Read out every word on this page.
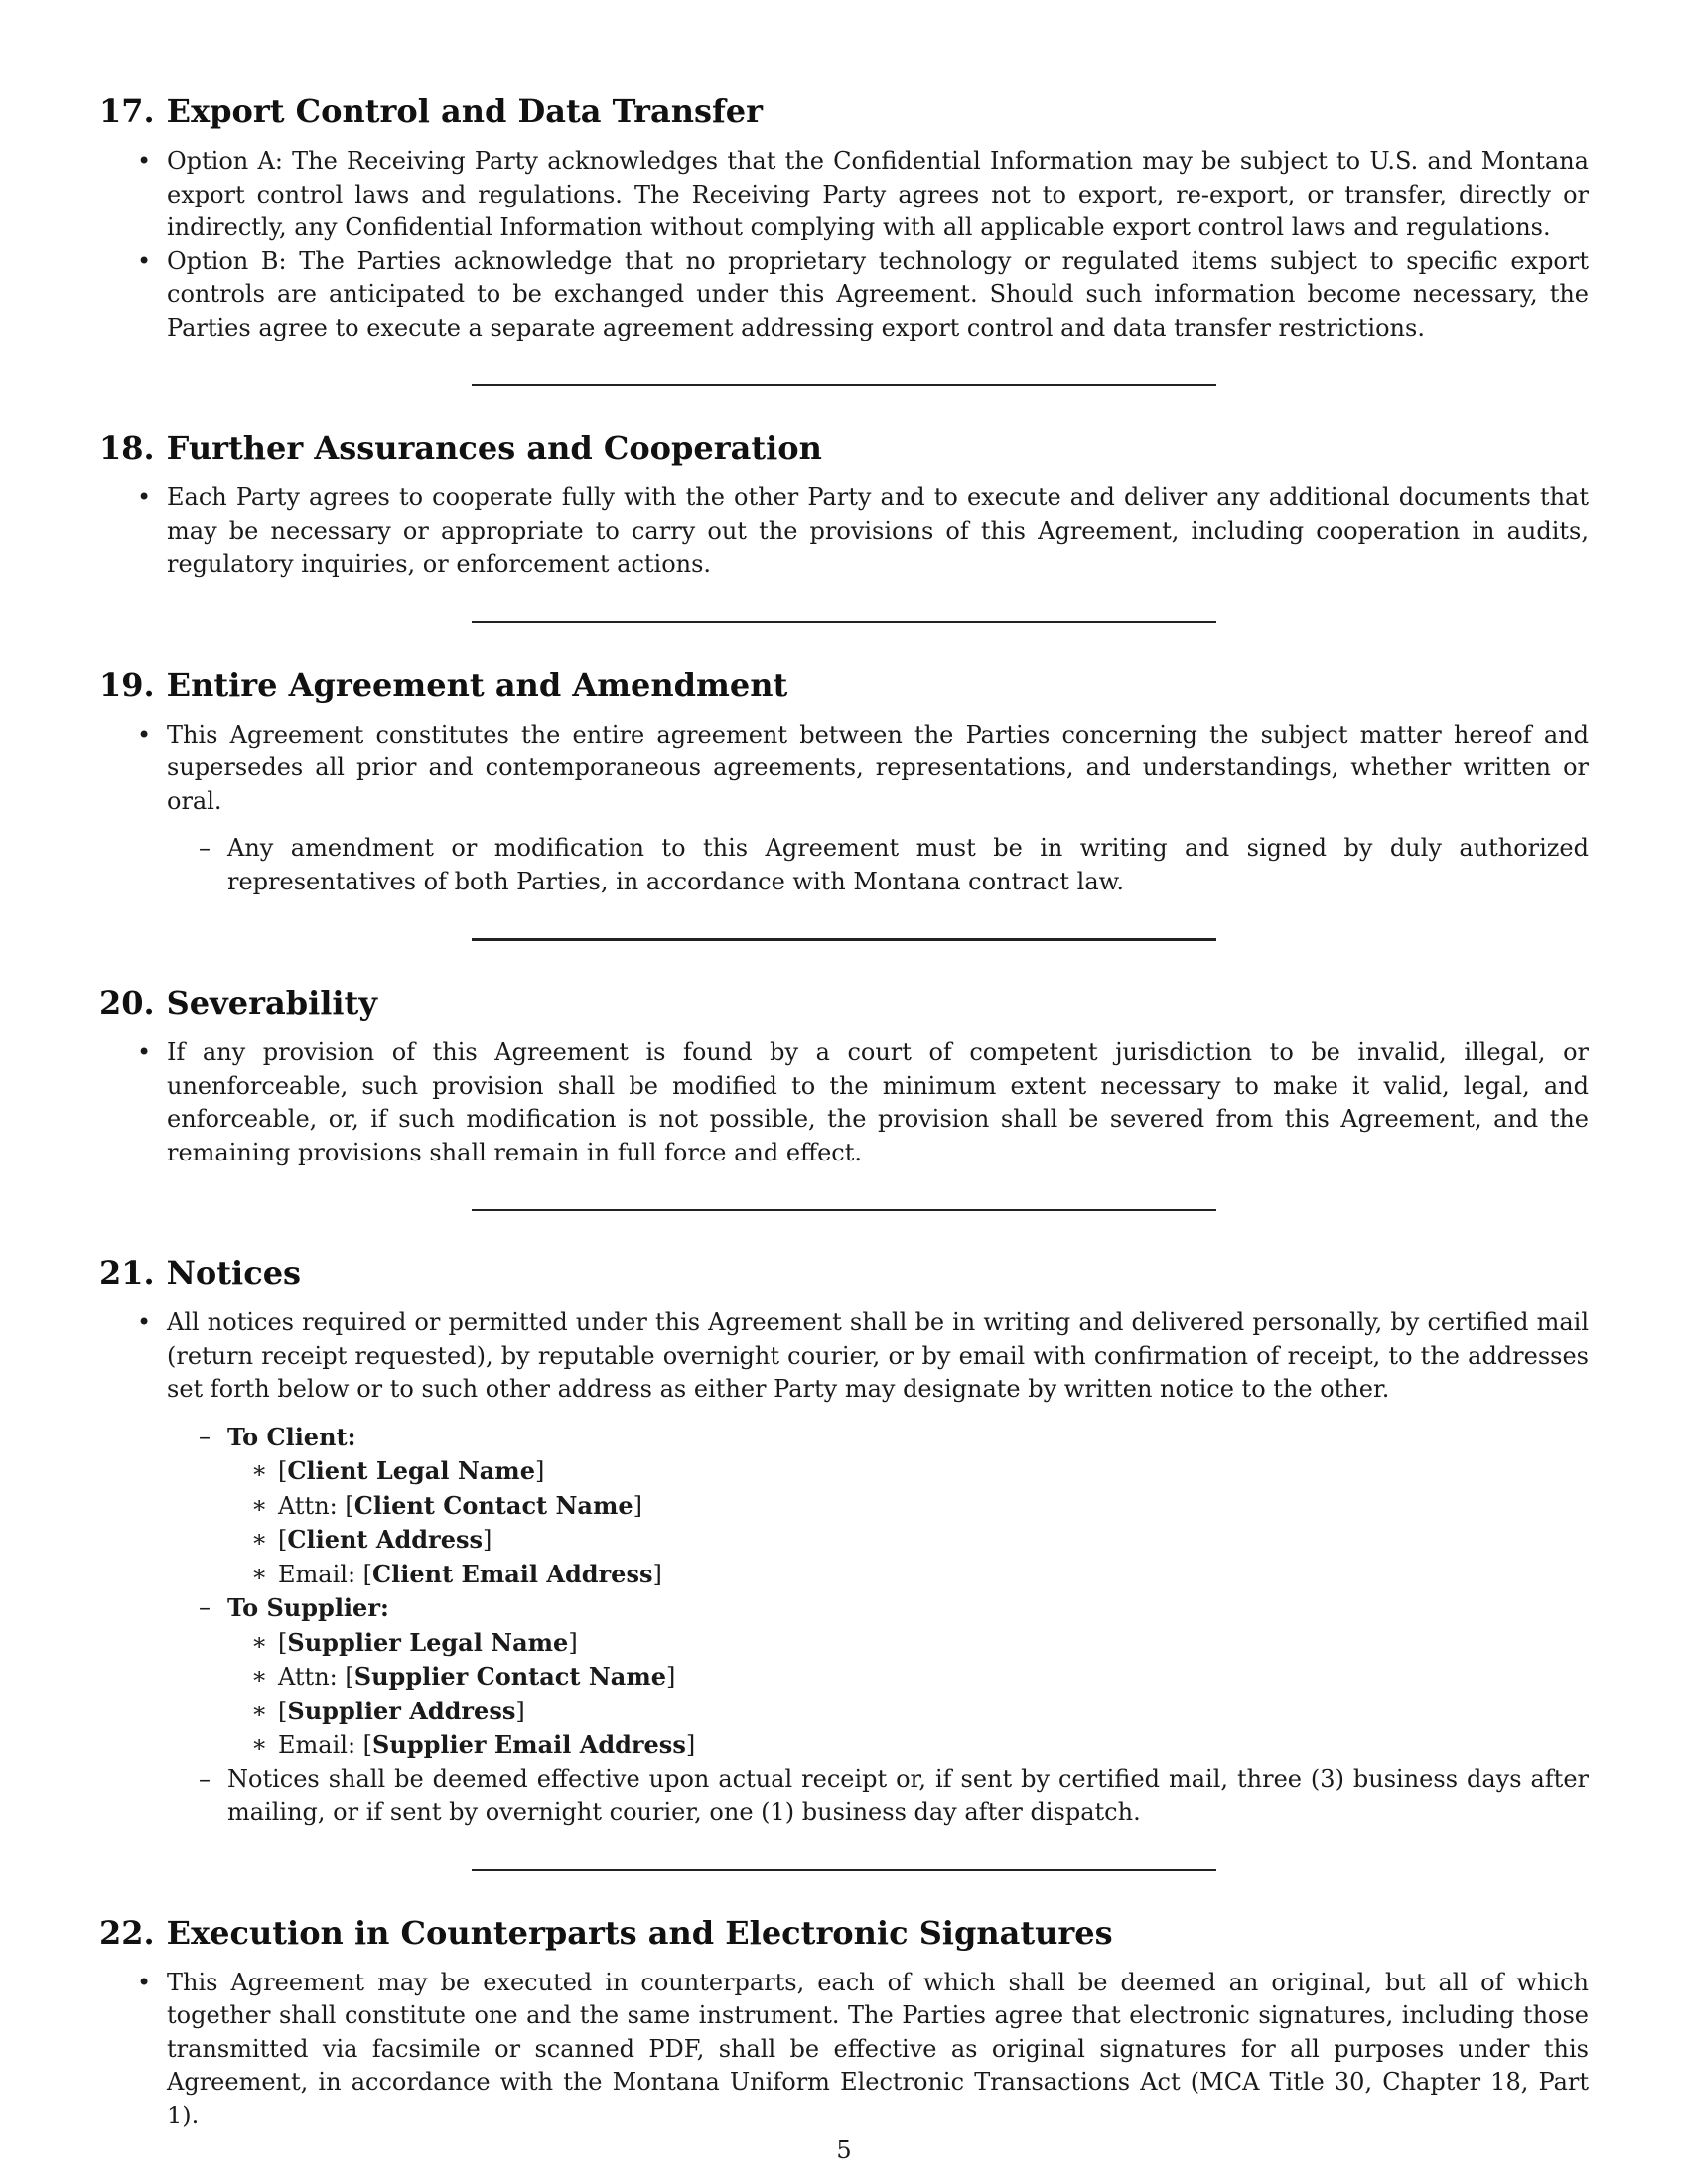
17. Export Control and Data Transfer
• Option A: The Receiving Party acknowledges that the Confidential Information may be subject to U.S. and Montana export control laws and regulations. The Receiving Party agrees not to export, re-export, or transfer, directly or indirectly, any Confidential Information without complying with all applicable export control laws and regulations.
• Option B: The Parties acknowledge that no proprietary technology or regulated items subject to specific export controls are anticipated to be exchanged under this Agreement. Should such information become necessary, the Parties agree to execute a separate agreement addressing export control and data transfer restrictions.
18. Further Assurances and Cooperation
• Each Party agrees to cooperate fully with the other Party and to execute and deliver any additional documents that may be necessary or appropriate to carry out the provisions of this Agreement, including cooperation in audits, regulatory inquiries, or enforcement actions.
19. Entire Agreement and Amendment
• This Agreement constitutes the entire agreement between the Parties concerning the subject matter hereof and supersedes all prior and contemporaneous agreements, representations, and understandings, whether written or oral.
– Any amendment or modification to this Agreement must be in writing and signed by duly authorized representatives of both Parties, in accordance with Montana contract law.
20. Severability
• If any provision of this Agreement is found by a court of competent jurisdiction to be invalid, illegal, or unenforceable, such provision shall be modified to the minimum extent necessary to make it valid, legal, and enforceable, or, if such modification is not possible, the provision shall be severed from this Agreement, and the remaining provisions shall remain in full force and effect.
21. Notices
• All notices required or permitted under this Agreement shall be in writing and delivered personally, by certified mail (return receipt requested), by reputable overnight courier, or by email with confirmation of receipt, to the addresses set forth below or to such other address as either Party may designate by written notice to the other.
– To Client:
∗ [Client Legal Name]
∗ Attn: [Client Contact Name]
∗ [Client Address]
∗ Email: [Client Email Address]
– To Supplier:
∗ [Supplier Legal Name]
∗ Attn: [Supplier Contact Name]
∗ [Supplier Address]
∗ Email: [Supplier Email Address]
– Notices shall be deemed effective upon actual receipt or, if sent by certified mail, three (3) business days after mailing, or if sent by overnight courier, one (1) business day after dispatch.
22. Execution in Counterparts and Electronic Signatures
• This Agreement may be executed in counterparts, each of which shall be deemed an original, but all of which together shall constitute one and the same instrument. The Parties agree that electronic signatures, including those transmitted via facsimile or scanned PDF, shall be effective as original signatures for all purposes under this Agreement, in accordance with the Montana Uniform Electronic Transactions Act (MCA Title 30, Chapter 18, Part 1).
5
